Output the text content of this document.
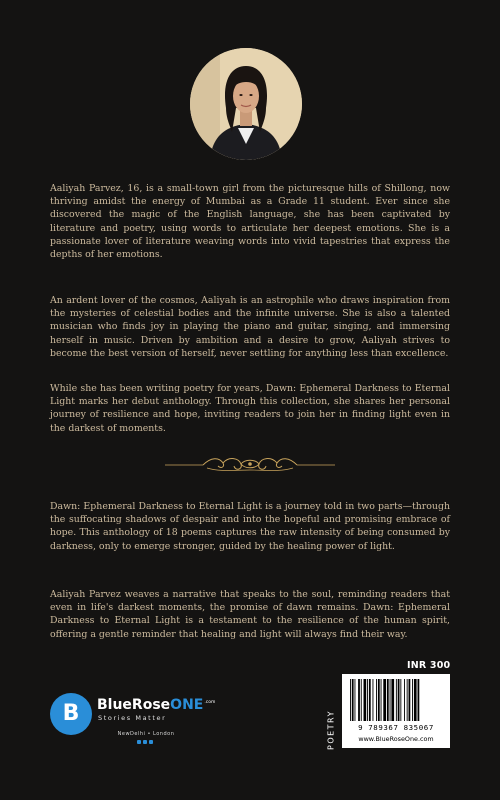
Aaliyah Parvez, 16, is a small-town girl from the picturesque hills of Shillong, now thriving amidst the energy of Mumbai as a Grade 11 student. Ever since she discovered the magic of the English language, she has been captivated by literature and poetry, using words to articulate her deepest emotions. She is a passionate lover of literature weaving words into vivid tapestries that express the depths of her emotions.

An ardent lover of the cosmos, Aaliyah is an astrophile who draws inspiration from the mysteries of celestial bodies and the infinite universe. She is also a talented musician who finds joy in playing the piano and guitar, singing, and immersing herself in music. Driven by ambition and a desire to grow, Aaliyah strives to become the best version of herself, never settling for anything less than excellence.

While she has been writing poetry for years, Dawn: Ephemeral Darkness to Eternal Light marks her debut anthology. Through this collection, she shares her personal journey of resilience and hope, inviting readers to join her in finding light even in the darkest of moments.

Dawn: Ephemeral Darkness to Eternal Light is a journey told in two parts—through the suffocating shadows of despair and into the hopeful and promising embrace of hope. This anthology of 18 poems captures the raw intensity of being consumed by darkness, only to emerge stronger, guided by the healing power of light.

Aaliyah Parvez weaves a narrative that speaks to the soul, reminding readers that even in life's darkest moments, the promise of dawn remains. Dawn: Ephemeral Darkness to Eternal Light is a testament to the resilience of the human spirit, offering a gentle reminder that healing and light will always find their way.

B	BlueRoseONE$^{.com}$
Stories Matter
NewDelhi • London
INR 300
POETRY	9 789367 835067
www.BlueRoseOne.com
